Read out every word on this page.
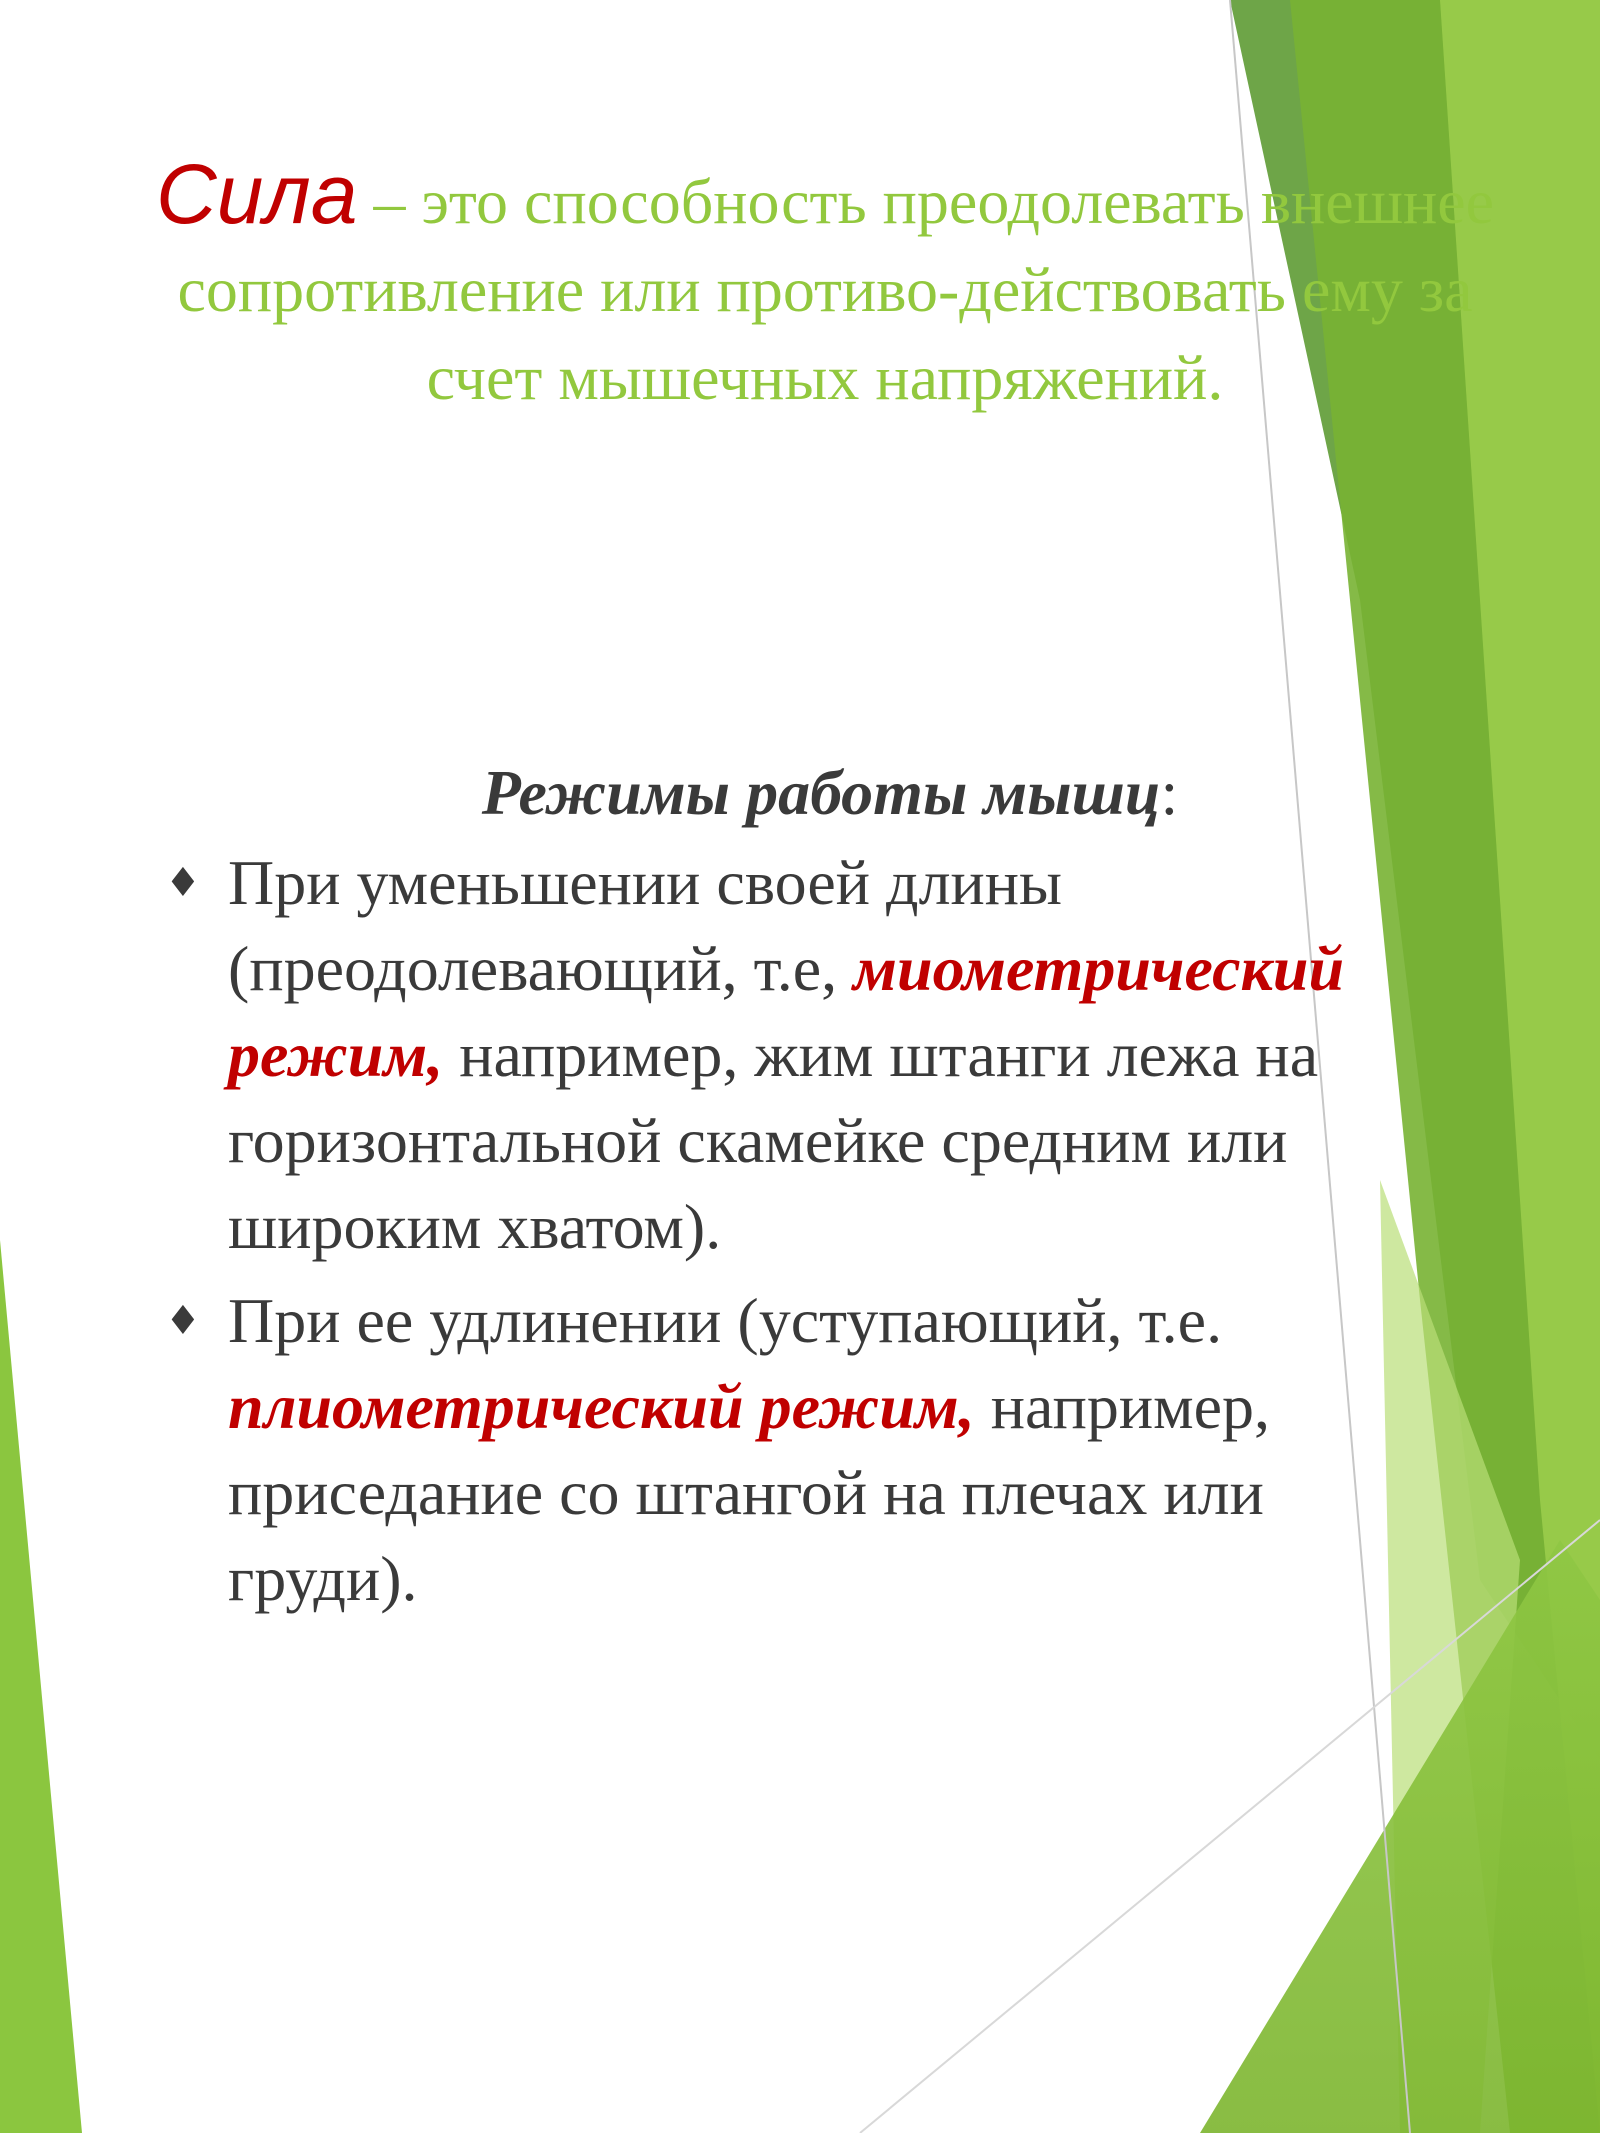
Сила – это способность преодолевать внешнее сопротивление или противо-действовать ему за счет мышечных напряжений.
Режимы работы мышц:
♦ При уменьшении своей длины (преодолевающий, т.е, миометрический режим, например, жим штанги лежа на горизонтальной скамейке средним или широким хватом).
♦ При ее удлинении (уступающий, т.е. плиометрический режим, например, приседание со штангой на плечах или груди).
